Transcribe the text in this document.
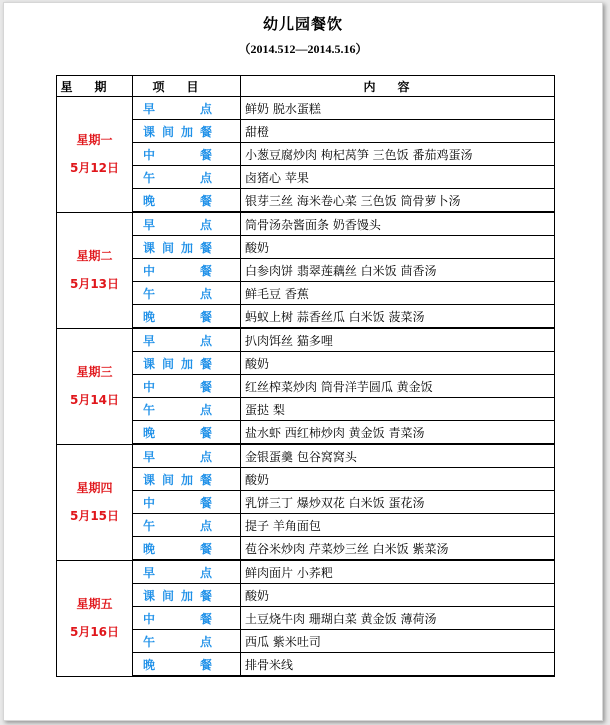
幼儿园餐饮
（2014.512—2014.5.16）
星期	项目	内容

星期一
5月12日	早点	鲜奶 脱水蛋糕
	课间加餐	甜橙
	中餐	小葱豆腐炒肉 枸杞莴笋 三色饭 番茄鸡蛋汤
	午点	卤猪心 苹果
	晚餐	银芽三丝 海米卷心菜 三色饭 筒骨萝卜汤

星期二
5月13日	早点	筒骨汤杂酱面条 奶香馒头
	课间加餐	酸奶
	中餐	白参肉饼 翡翠莲藕丝 白米饭 茴香汤
	午点	鲜毛豆 香蕉
	晚餐	蚂蚁上树 蒜香丝瓜 白米饭 菠菜汤

星期三
5月14日	早点	扒肉饵丝 猫多哩
	课间加餐	酸奶
	中餐	红丝榨菜炒肉 筒骨洋芋圆瓜 黄金饭
	午点	蛋挞 梨
	晚餐	盐水虾 西红柿炒肉 黄金饭 青菜汤

星期四
5月15日	早点	金银蛋羹 包谷窝窝头
	课间加餐	酸奶
	中餐	乳饼三丁 爆炒双花 白米饭 蛋花汤
	午点	提子 羊角面包
	晚餐	苞谷米炒肉 芹菜炒三丝 白米饭 紫菜汤

星期五
5月16日	早点	鲜肉面片 小荞粑
	课间加餐	酸奶
	中餐	土豆烧牛肉 珊瑚白菜 黄金饭 薄荷汤
	午点	西瓜 紫米吐司
	晚餐	排骨米线
